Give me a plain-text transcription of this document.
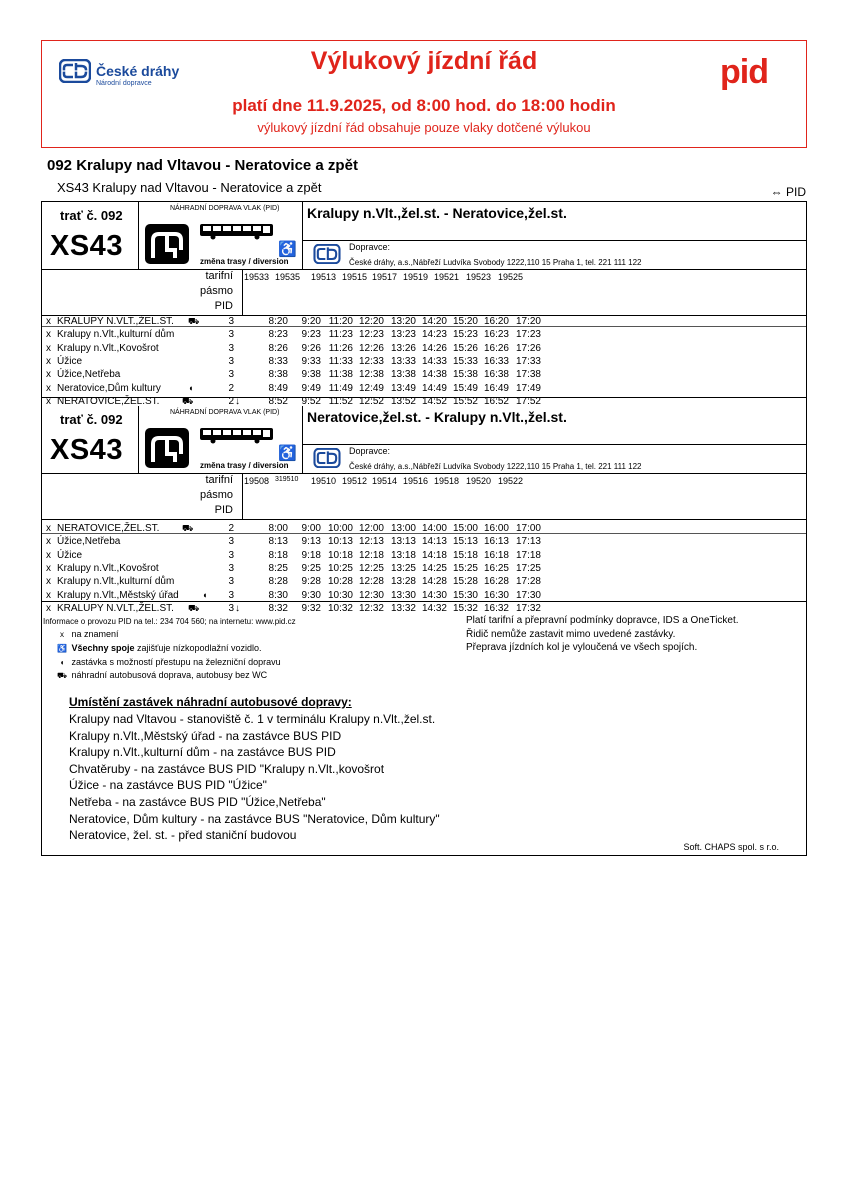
České dráhy
Národní dopravce
Výlukový jízdní řád	pid
platí dne 11.9.2025, od 8:00 hod. do 18:00 hodin
výlukový jízdní řád obsahuje pouze vlaky dotčené výlukou
092 Kralupy nad Vltavou - Neratovice a zpět
XS43 Kralupy nad Vltavou - Neratovice a zpět	⇔ PID
trať č. 092
XS43
NÁHRADNÍ DOPRAVA VLAK (PID)
♿
změna trasy / diversion
Kralupy n.Vlt.,žel.st. - Neratovice,žel.st.
Dopravce:
České dráhy, a.s.,Nábřeží Ludvíka Svobody 1222,110 15 Praha 1, tel. 221 111 122
tarifní
pásmo
PID
19533 19535 19513 19515 19517 19519 19521 19523 19525
x KRALUPY N.VLT.,ŽEL.ST. ⛟	3	8:20	9:20 11:20 12:20 13:20 14:20 15:20 16:20 17:20
x Kralupy n.Vlt.,kulturní dům	3	8:23	9:23 11:23 12:23 13:23 14:23 15:23 16:23 17:23
x Kralupy n.Vlt.,Kovošrot	3	8:26	9:26 11:26 12:26 13:26 14:26 15:26 16:26 17:26
x Úžice	3	8:33	9:33 11:33 12:33 13:33 14:33 15:33 16:33 17:33
x Úžice,Netřeba	3	8:38	9:38 11:38 12:38 13:38 14:38 15:38 16:38 17:38
x Neratovice,Dům kultury	◖	2	8:49	9:49 11:49 12:49 13:49 14:49 15:49 16:49 17:49
x NERATOVICE,ŽEL.ST.	⛟	2 ↓	8:52	9:52 11:52 12:52 13:52 14:52 15:52 16:52 17:52
trať č. 092
XS43
NÁHRADNÍ DOPRAVA VLAK (PID)
♿
změna trasy / diversion
Neratovice,žel.st. - Kralupy n.Vlt.,žel.st.
Dopravce:
České dráhy, a.s.,Nábřeží Ludvíka Svobody 1222,110 15 Praha 1, tel. 221 111 122
tarifní
pásmo
PID
19508 319510 19510 19512 19514 19516 19518 19520 19522
x NERATOVICE,ŽEL.ST.	⛟	2	8:00	9:00 10:00 12:00 13:00 14:00 15:00 16:00 17:00
x Úžice,Netřeba	3	8:13	9:13 10:13 12:13 13:13 14:13 15:13 16:13 17:13
x Úžice	3	8:18	9:18 10:18 12:18 13:18 14:18 15:18 16:18 17:18
x Kralupy n.Vlt.,Kovošrot	3	8:25	9:25 10:25 12:25 13:25 14:25 15:25 16:25 17:25
x Kralupy n.Vlt.,kulturní dům	3	8:28	9:28 10:28 12:28 13:28 14:28 15:28 16:28 17:28
x Kralupy n.Vlt.,Městský úřad	◖	3	8:30	9:30 10:30 12:30 13:30 14:30 15:30 16:30 17:30
x KRALUPY N.VLT.,ŽEL.ST. ⛟	3 ↓	8:32	9:32 10:32 12:32 13:32 14:32 15:32 16:32 17:32
Informace o provozu PID na tel.: 234 704 560; na internetu: www.pid.cz
x na znamení
♿ Všechny spoje zajišťuje nízkopodlažní vozidlo.
◖ zastávka s možností přestupu na železniční dopravu
⛟ náhradní autobusová doprava, autobusy bez WC
Platí tarifní a přepravní podmínky dopravce, IDS a OneTicket.
Řidič nemůže zastavit mimo uvedené zastávky.
Přeprava jízdních kol je vyloučená ve všech spojích.
Umístění zastávek náhradní autobusové dopravy:
Kralupy nad Vltavou - stanoviště č. 1 v terminálu Kralupy n.Vlt.,žel.st.
Kralupy n.Vlt.,Městský úřad - na zastávce BUS PID
Kralupy n.Vlt.,kulturní dům - na zastávce BUS PID
Chvatěruby - na zastávce BUS PID "Kralupy n.Vlt.,kovošrot
Úžice - na zastávce BUS PID "Úžice"
Netřeba - na zastávce BUS PID "Úžice,Netřeba"
Neratovice, Dům kultury - na zastávce BUS "Neratovice, Dům kultury"
Neratovice, žel. st. - před staniční budovou
Soft. CHAPS spol. s r.o.
